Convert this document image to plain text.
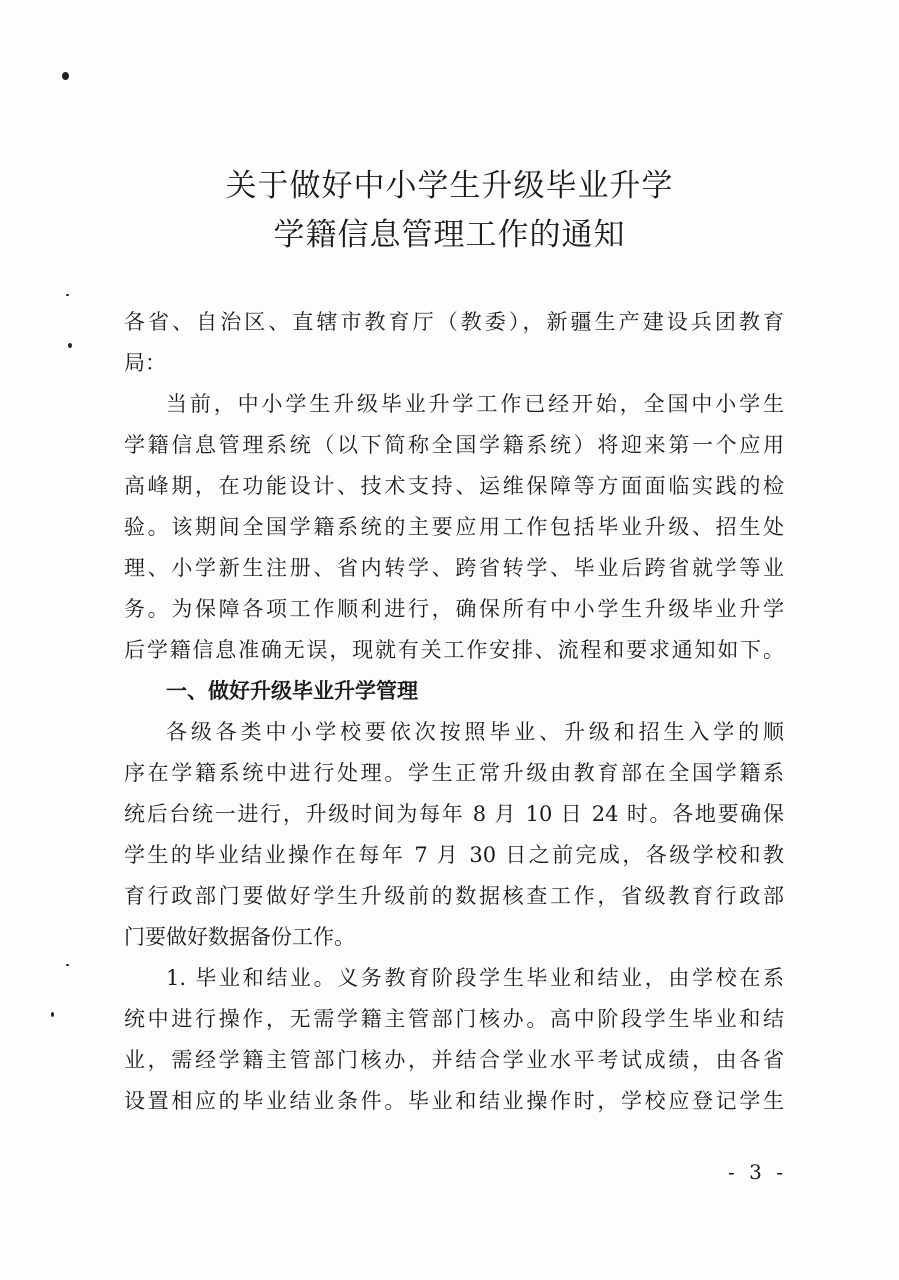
关于做好中小学生升级毕业升学
学籍信息管理工作的通知
各省、自治区、直辖市教育厅（教委），新疆生产建设兵团教育
局：
当前，中小学生升级毕业升学工作已经开始，全国中小学生
学籍信息管理系统（以下简称全国学籍系统）将迎来第一个应用
高峰期，在功能设计、技术支持、运维保障等方面面临实践的检
验。该期间全国学籍系统的主要应用工作包括毕业升级、招生处
理、小学新生注册、省内转学、跨省转学、毕业后跨省就学等业
务。为保障各项工作顺利进行，确保所有中小学生升级毕业升学
后学籍信息准确无误，现就有关工作安排、流程和要求通知如下。
一、做好升级毕业升学管理
各级各类中小学校要依次按照毕业、升级和招生入学的顺
序在学籍系统中进行处理。学生正常升级由教育部在全国学籍系
统后台统一进行，升级时间为每年 8 月 10 日 24 时。各地要确保
学生的毕业结业操作在每年 7 月 30 日之前完成，各级学校和教
育行政部门要做好学生升级前的数据核查工作，省级教育行政部
门要做好数据备份工作。
1. 毕业和结业。义务教育阶段学生毕业和结业，由学校在系
统中进行操作，无需学籍主管部门核办。高中阶段学生毕业和结
业，需经学籍主管部门核办，并结合学业水平考试成绩，由各省
设置相应的毕业结业条件。毕业和结业操作时，学校应登记学生
- 3 -
